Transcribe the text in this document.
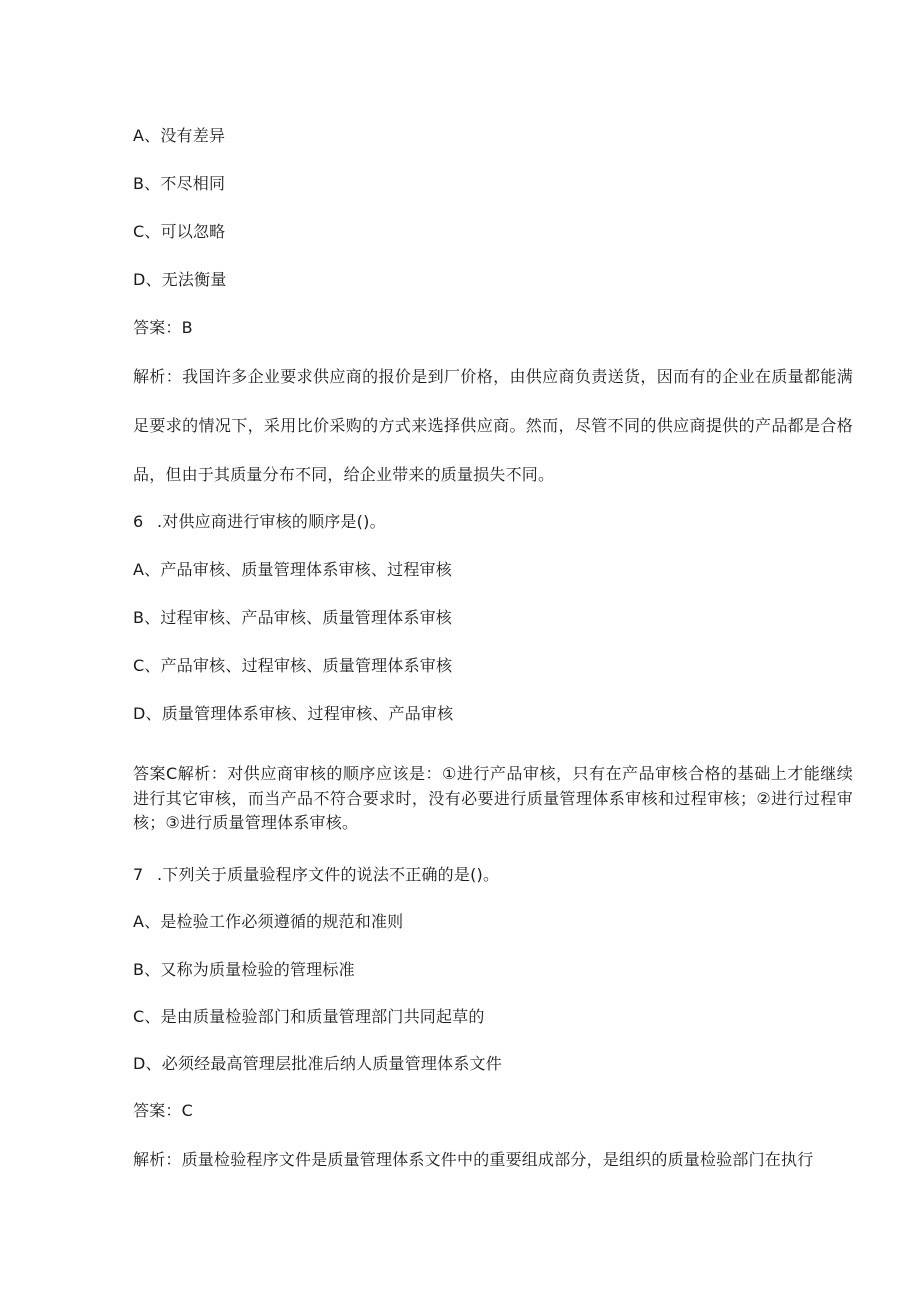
A、没有差异
B、不尽相同
C、可以忽略
D、无法衡量
答案：B
解析：我国许多企业要求供应商的报价是到厂价格，由供应商负责送货，因而有的企业在质量都能满足要求的情况下，采用比价采购的方式来选择供应商。然而，尽管不同的供应商提供的产品都是合格品，但由于其质量分布不同，给企业带来的质量损失不同。
6 .对供应商进行审核的顺序是()。
A、产品审核、质量管理体系审核、过程审核
B、过程审核、产品审核、质量管理体系审核
C、产品审核、过程审核、质量管理体系审核
D、质量管理体系审核、过程审核、产品审核
答案C解析：对供应商审核的顺序应该是：①进行产品审核，只有在产品审核合格的基础上才能继续进行其它审核，而当产品不符合要求时，没有必要进行质量管理体系审核和过程审核；②进行过程审核；③进行质量管理体系审核。
7 .下列关于质量验程序文件的说法不正确的是()。
A、是检验工作必须遵循的规范和准则
B、又称为质量检验的管理标准
C、是由质量检验部门和质量管理部门共同起草的
D、必须经最高管理层批准后纳人质量管理体系文件
答案：C
解析：质量检验程序文件是质量管理体系文件中的重要组成部分，是组织的质量检验部门在执行
